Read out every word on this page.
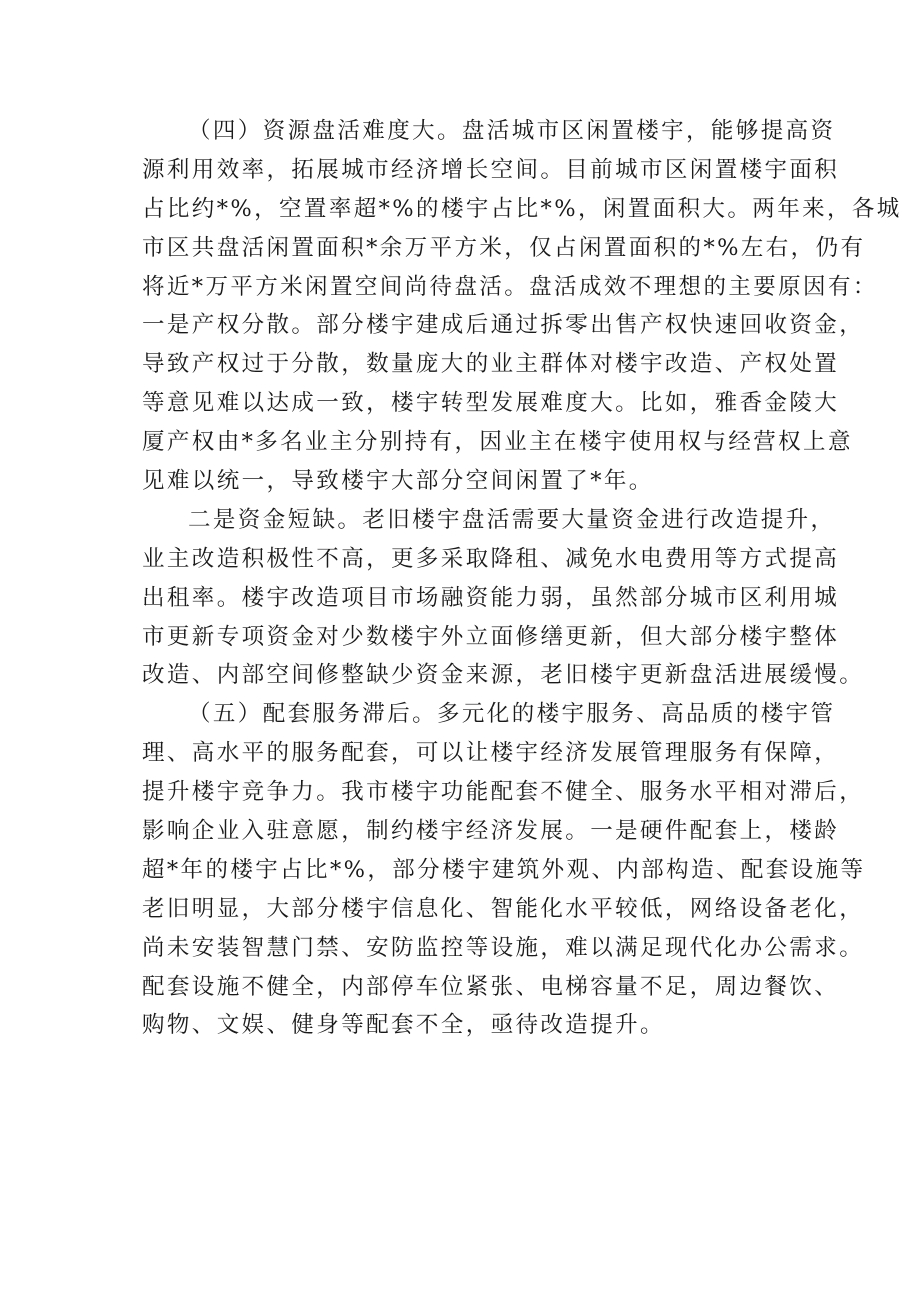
（四）资源盘活难度大。盘活城市区闲置楼宇，能够提高资
源利用效率，拓展城市经济增长空间。目前城市区闲置楼宇面积
占比约*%，空置率超*%的楼宇占比*%，闲置面积大。两年来，各城
市区共盘活闲置面积*余万平方米，仅占闲置面积的*%左右，仍有
将近*万平方米闲置空间尚待盘活。盘活成效不理想的主要原因有：
一是产权分散。部分楼宇建成后通过拆零出售产权快速回收资金，
导致产权过于分散，数量庞大的业主群体对楼宇改造、产权处置
等意见难以达成一致，楼宇转型发展难度大。比如，雅香金陵大
厦产权由*多名业主分别持有，因业主在楼宇使用权与经营权上意
见难以统一，导致楼宇大部分空间闲置了*年。
二是资金短缺。老旧楼宇盘活需要大量资金进行改造提升，
业主改造积极性不高，更多采取降租、减免水电费用等方式提高
出租率。楼宇改造项目市场融资能力弱，虽然部分城市区利用城
市更新专项资金对少数楼宇外立面修缮更新，但大部分楼宇整体
改造、内部空间修整缺少资金来源，老旧楼宇更新盘活进展缓慢。
（五）配套服务滞后。多元化的楼宇服务、高品质的楼宇管
理、高水平的服务配套，可以让楼宇经济发展管理服务有保障，
提升楼宇竞争力。我市楼宇功能配套不健全、服务水平相对滞后，
影响企业入驻意愿，制约楼宇经济发展。一是硬件配套上，楼龄
超*年的楼宇占比*%，部分楼宇建筑外观、内部构造、配套设施等
老旧明显，大部分楼宇信息化、智能化水平较低，网络设备老化，
尚未安装智慧门禁、安防监控等设施，难以满足现代化办公需求。
配套设施不健全，内部停车位紧张、电梯容量不足，周边餐饮、
购物、文娱、健身等配套不全，亟待改造提升。
